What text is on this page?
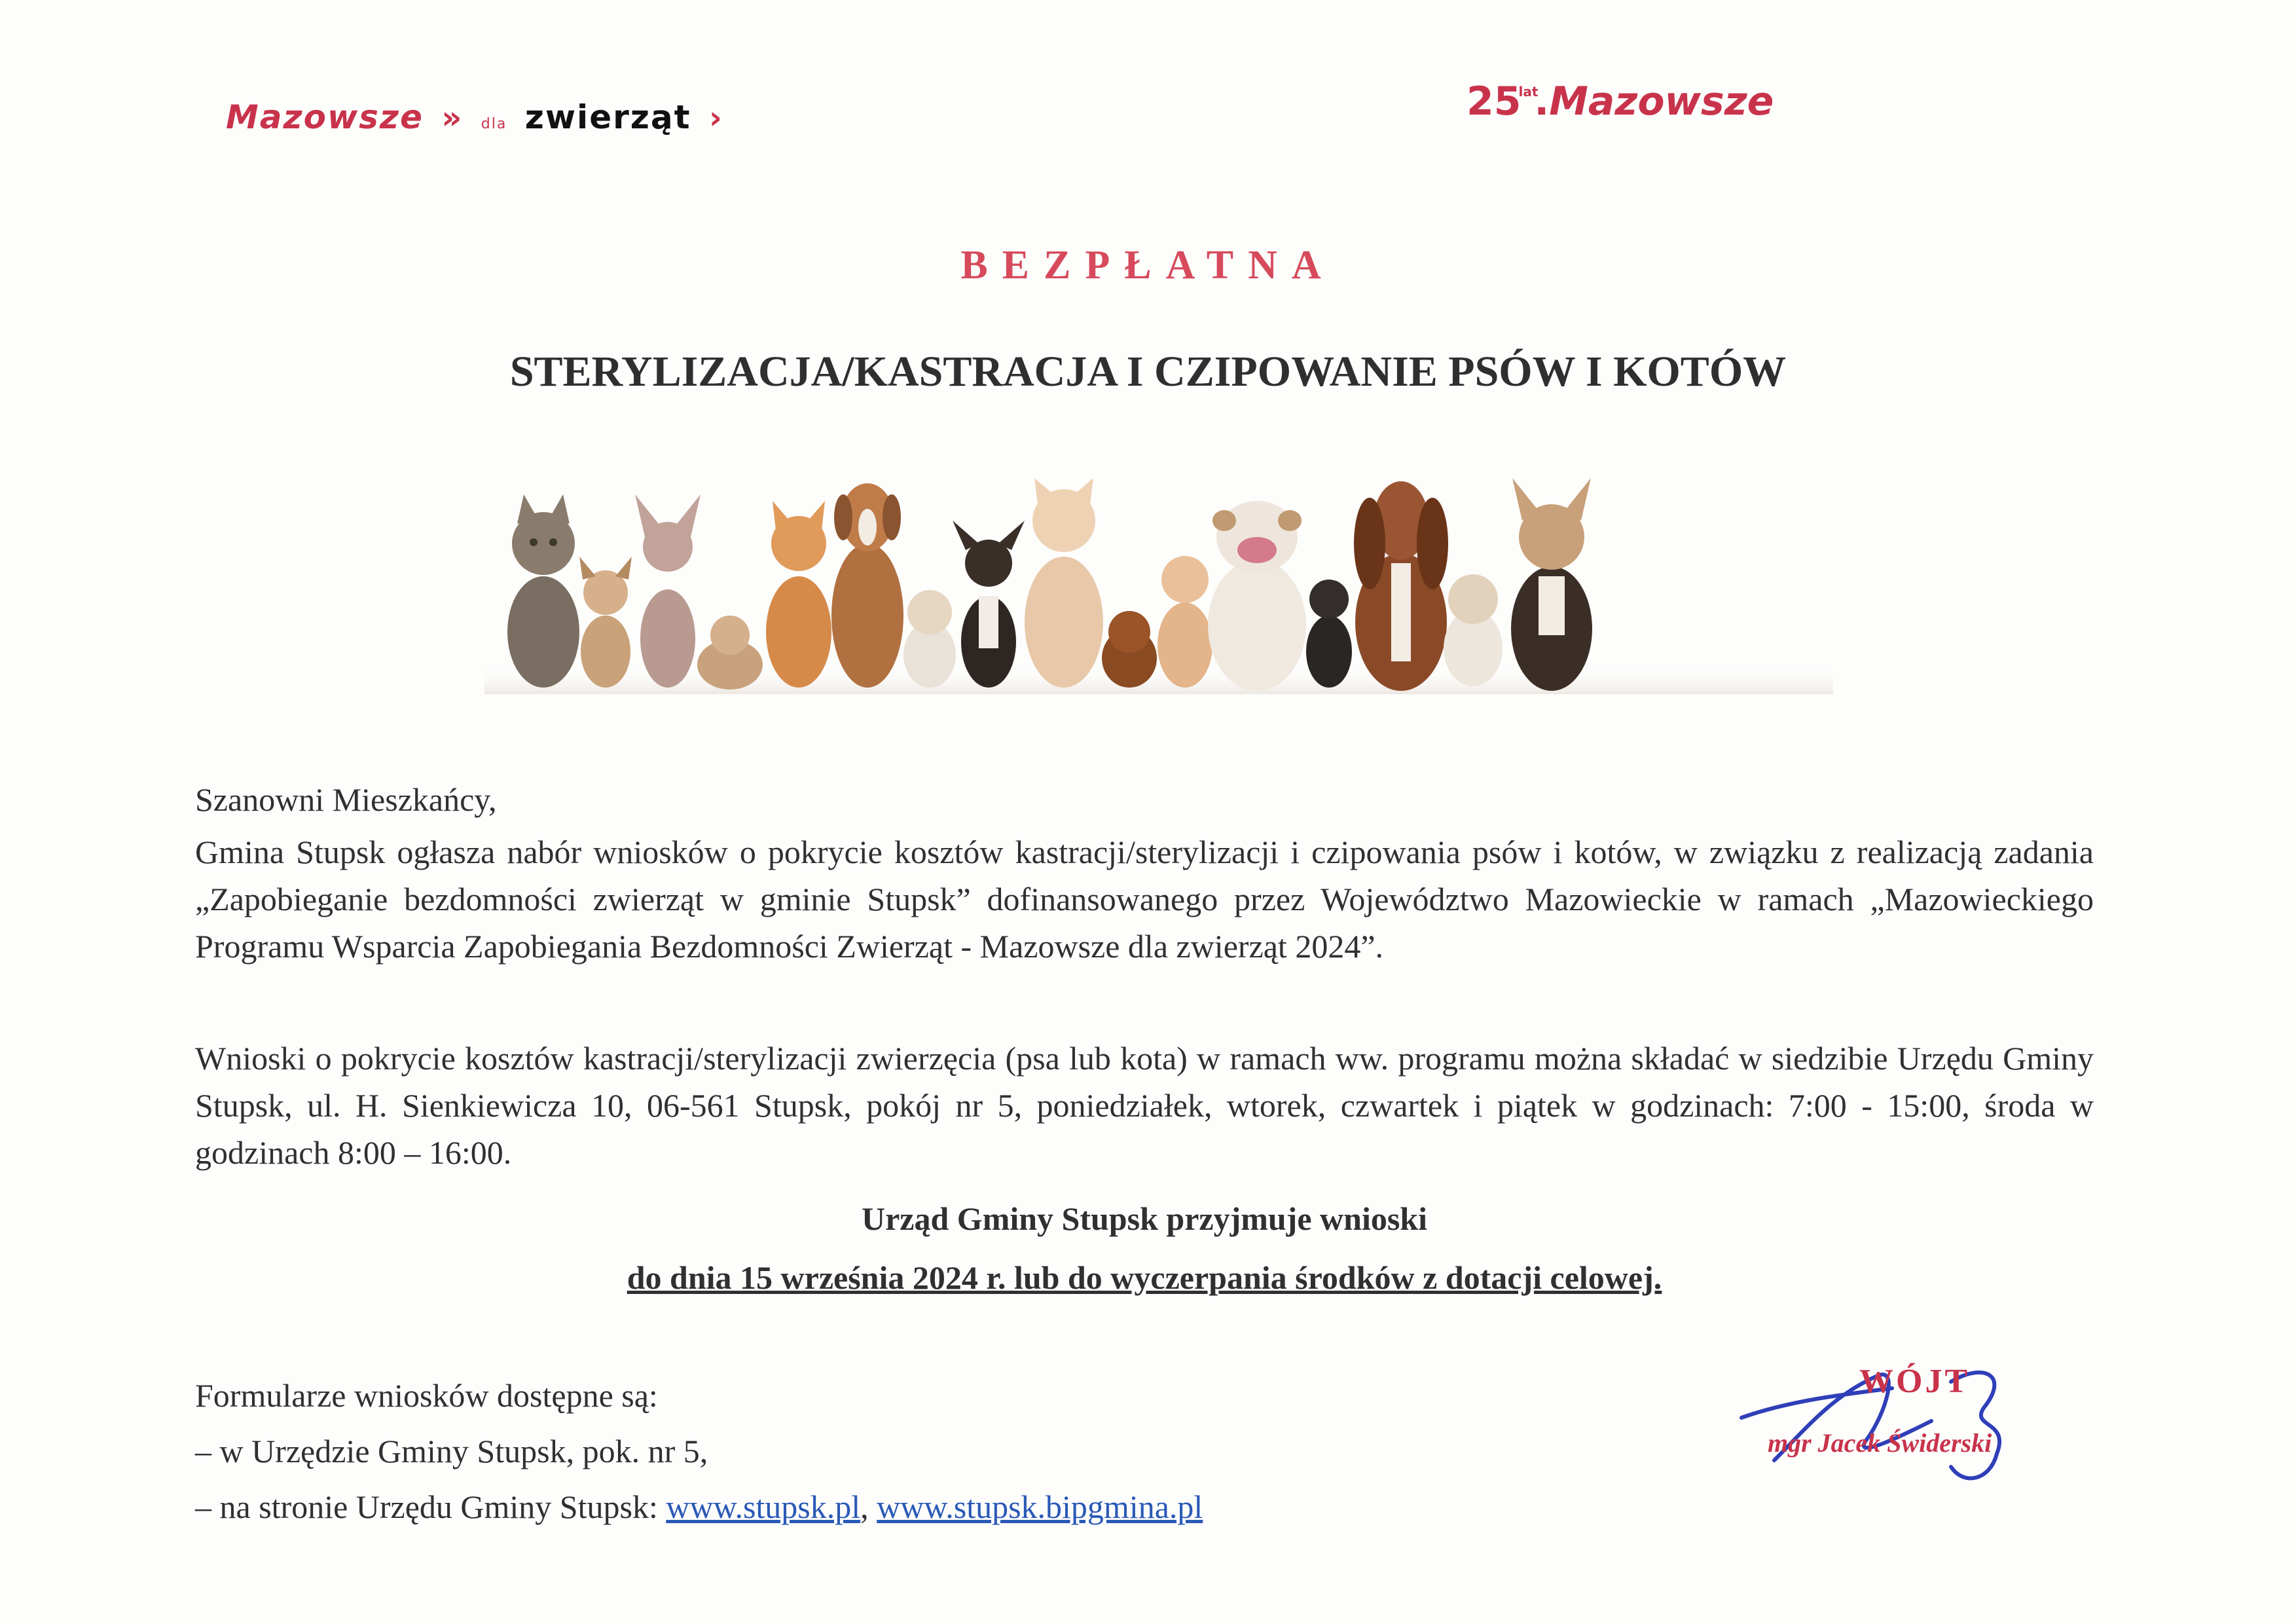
Mazowsze » dla zwierząt ›	$25^{lat}.Mazowsze$
BEZPŁATNA
STERYLIZACJA/KASTRACJA I CZIPOWANIE PSÓW I KOTÓW
Szanowni Mieszkańcy,
Gmina Stupsk ogłasza nabór wniosków o pokrycie kosztów kastracji/sterylizacji i czipowania psów i kotów, w związku z realizacją zadania „Zapobieganie bezdomności zwierząt w gminie Stupsk” dofinansowanego przez Województwo Mazowieckie w ramach „Mazowieckiego Programu Wsparcia Zapobiegania Bezdomności Zwierząt - Mazowsze dla zwierząt 2024”.
Wnioski o pokrycie kosztów kastracji/sterylizacji zwierzęcia (psa lub kota) w ramach ww. programu można składać w siedzibie Urzędu Gminy Stupsk, ul. H. Sienkiewicza 10, 06-561 Stupsk, pokój nr 5, poniedziałek, wtorek, czwartek i piątek w godzinach: 7:00 - 15:00, środa w godzinach 8:00 – 16:00.
Urząd Gminy Stupsk przyjmuje wnioski
do dnia 15 września 2024 r. lub do wyczerpania środków z dotacji celowej.
Formularze wniosków dostępne są:
– w Urzędzie Gminy Stupsk, pok. nr 5,
– na stronie Urzędu Gminy Stupsk: www.stupsk.pl, www.stupsk.bipgmina.pl
WÓJT
mgr Jacek Świderski
